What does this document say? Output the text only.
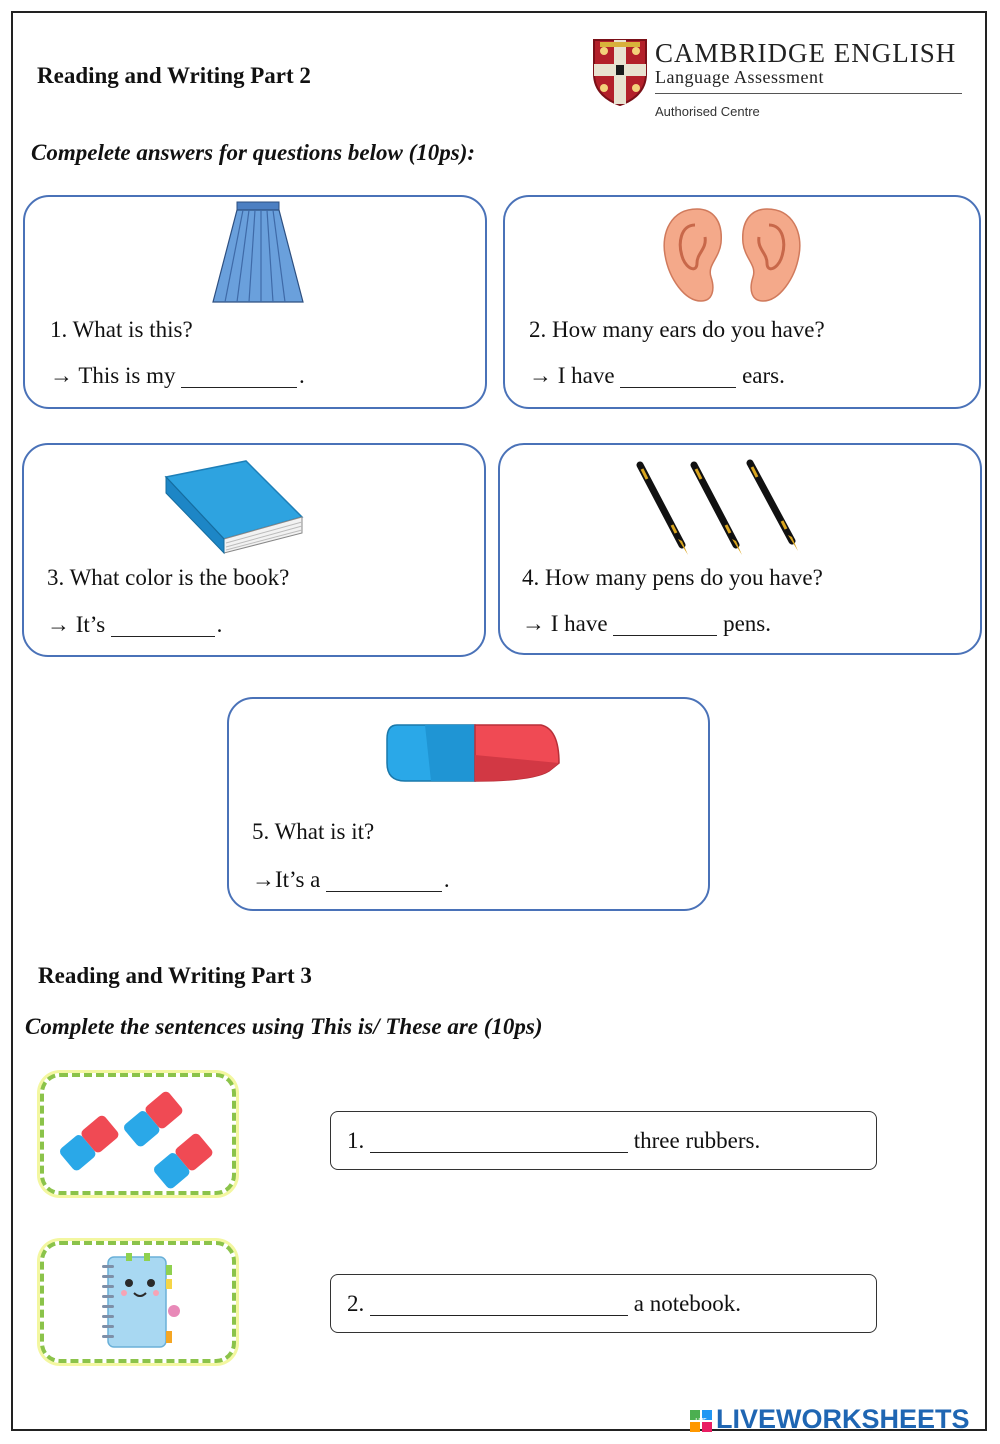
Reading and Writing Part 2
CAMBRIDGE ENGLISH
Language Assessment
Authorised Centre
Compelete answers for questions below (10ps):
1. What is this?
→ This is my	.
2. How many ears do you have?
→ I have	ears.
3. What color is the book?
→ It’s	.
4. How many pens do you have?
→ I have	pens.
5. What is it?
→It’s a	.
Reading and Writing Part 3
Complete the sentences using This is/ These are (10ps)
1.	three rubbers.
2.	a notebook.
LIVE LIVEWORKSHEETS
